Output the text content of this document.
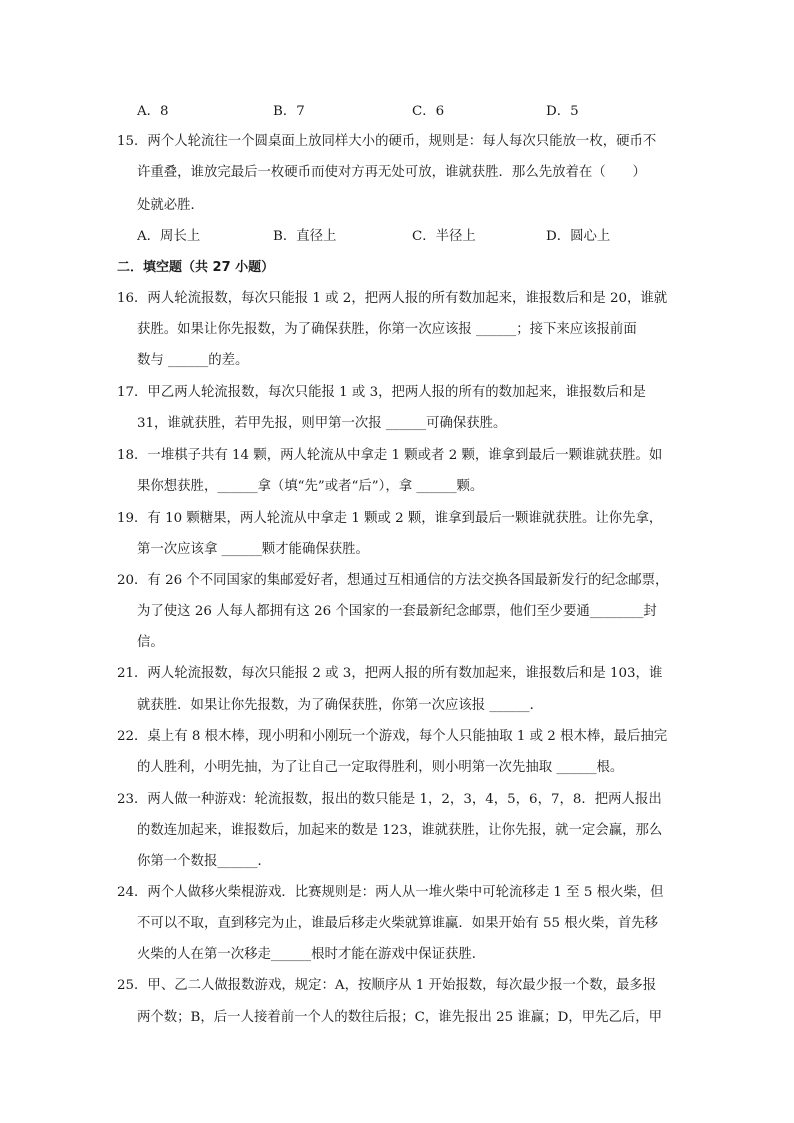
A．8	B．7	C．6	D．5
15．两个人轮流往一个圆桌面上放同样大小的硬币，规则是：每人每次只能放一枚，硬币不
许重叠，谁放完最后一枚硬币而使对方再无处可放，谁就获胜．那么先放着在（　　）
处就必胜．
A．周长上	B．直径上	C．半径上	D．圆心上
二．填空题（共 27 小题）
16．两人轮流报数，每次只能报 1 或 2，把两人报的所有数加起来，谁报数后和是 20，谁就
获胜。如果让你先报数，为了确保获胜，你第一次应该报 ______；接下来应该报前面
数与 ______的差。
17．甲乙两人轮流报数，每次只能报 1 或 3，把两人报的所有的数加起来，谁报数后和是
31，谁就获胜，若甲先报，则甲第一次报 ______可确保获胜。
18．一堆棋子共有 14 颗，两人轮流从中拿走 1 颗或者 2 颗，谁拿到最后一颗谁就获胜。如
果你想获胜，______拿（填“先”或者“后”），拿 ______颗。
19．有 10 颗糖果，两人轮流从中拿走 1 颗或 2 颗，谁拿到最后一颗谁就获胜。让你先拿，
第一次应该拿 ______颗才能确保获胜。
20．有 26 个不同国家的集邮爱好者，想通过互相通信的方法交换各国最新发行的纪念邮票，
为了使这 26 人每人都拥有这 26 个国家的一套最新纪念邮票，他们至少要通________封
信。
21．两人轮流报数，每次只能报 2 或 3，把两人报的所有数加起来，谁报数后和是 103，谁
就获胜．如果让你先报数，为了确保获胜，你第一次应该报 ______．
22．桌上有 8 根木棒，现小明和小刚玩一个游戏，每个人只能抽取 1 或 2 根木棒，最后抽完
的人胜利，小明先抽，为了让自己一定取得胜利，则小明第一次先抽取 ______根。
23．两人做一种游戏：轮流报数，报出的数只能是 1，2，3，4，5，6，7，8．把两人报出
的数连加起来，谁报数后，加起来的数是 123，谁就获胜，让你先报，就一定会赢，那么
你第一个数报______．
24．两个人做移火柴棍游戏．比赛规则是：两人从一堆火柴中可轮流移走 1 至 5 根火柴，但
不可以不取，直到移完为止，谁最后移走火柴就算谁赢．如果开始有 55 根火柴，首先移
火柴的人在第一次移走______根时才能在游戏中保证获胜．
25．甲、乙二人做报数游戏，规定：A，按顺序从 1 开始报数，每次最少报一个数，最多报
两个数；B，后一人接着前一个人的数往后报；C，谁先报出 25 谁赢；D，甲先乙后，甲
